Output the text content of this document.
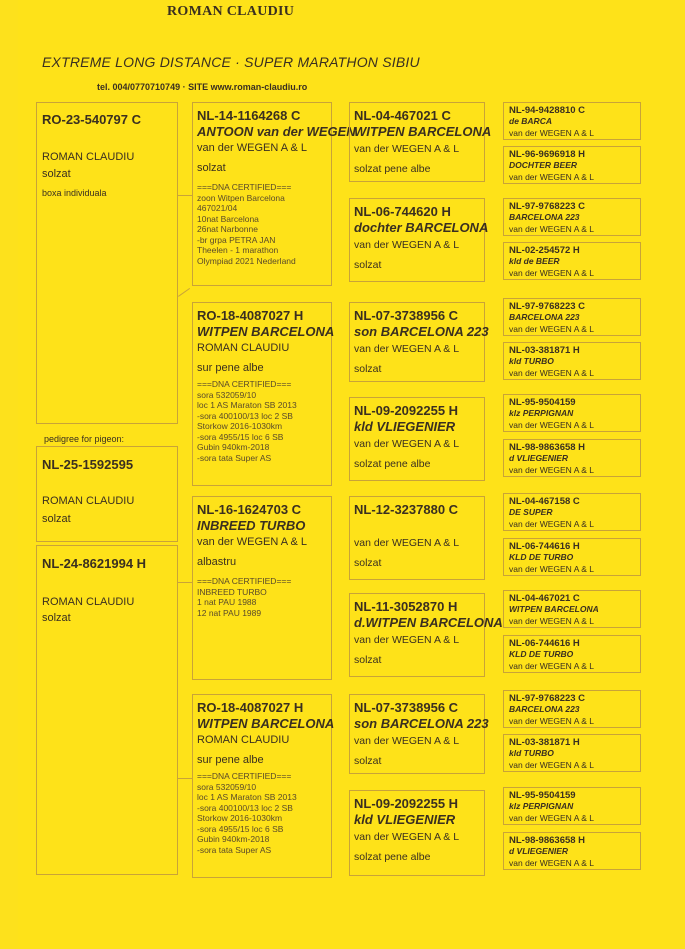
ROMAN CLAUDIU
EXTREME LONG DISTANCE · SUPER MARATHON SIBIU
tel. 004/0770710749 · SITE www.roman-claudiu.ro
RO-23-540797 C
ROMAN CLAUDIU
solzat
boxa individuala
pedigree for pigeon:
NL-25-1592595
ROMAN CLAUDIU
solzat
NL-24-8621994 H
ROMAN CLAUDIU
solzat
NL-14-1164268 C
ANTOON van der WEGEN
van der WEGEN A & L
solzat
===DNA CERTIFIED===
zoon Witpen Barcelona
467021/04
10nat Barcelona
26nat Narbonne
-br grpa PETRA JAN
Theelen - 1 marathon
Olympiad 2021 Nederland
RO-18-4087027 H
WITPEN BARCELONA
ROMAN CLAUDIU
sur pene albe
===DNA CERTIFIED===
sora 532059/10
loc 1 AS Maraton SB 2013
-sora 400100/13 loc 2 SB
Storkow 2016-1030km
-sora 4955/15 loc 6 SB
Gubin 940km-2018
-sora tata Super AS
NL-16-1624703 C
INBREED TURBO
van der WEGEN A & L
albastru
===DNA CERTIFIED===
INBREED TURBO
1 nat PAU 1988
12 nat PAU 1989
RO-18-4087027 H
WITPEN BARCELONA
ROMAN CLAUDIU
sur pene albe
===DNA CERTIFIED===
sora 532059/10
loc 1 AS Maraton SB 2013
-sora 400100/13 loc 2 SB
Storkow 2016-1030km
-sora 4955/15 loc 6 SB
Gubin 940km-2018
-sora tata Super AS
NL-04-467021 C
WITPEN BARCELONA
van der WEGEN A & L
solzat pene albe
NL-06-744620 H
dochter BARCELONA
van der WEGEN A & L
solzat
NL-07-3738956 C
son BARCELONA 223
van der WEGEN A & L
solzat
NL-09-2092255 H
kld VLIEGENIER
van der WEGEN A & L
solzat pene albe
NL-12-3237880 C
van der WEGEN A & L
solzat
NL-11-3052870 H
d.WITPEN BARCELONA
van der WEGEN A & L
solzat
NL-07-3738956 C
son BARCELONA 223
van der WEGEN A & L
solzat
NL-09-2092255 H
kld VLIEGENIER
van der WEGEN A & L
solzat pene albe
NL-94-9428810 C
de BARCA
van der WEGEN A & L
NL-96-9696918 H
DOCHTER BEER
van der WEGEN A & L
NL-97-9768223 C
BARCELONA 223
van der WEGEN A & L
NL-02-254572 H
kld de BEER
van der WEGEN A & L
NL-97-9768223 C
BARCELONA 223
van der WEGEN A & L
NL-03-381871 H
kld TURBO
van der WEGEN A & L
NL-95-9504159
klz PERPIGNAN
van der WEGEN A & L
NL-98-9863658 H
d VLIEGENIER
van der WEGEN A & L
NL-04-467158 C
DE SUPER
van der WEGEN A & L
NL-06-744616 H
KLD DE TURBO
van der WEGEN A & L
NL-04-467021 C
WITPEN BARCELONA
van der WEGEN A & L
NL-06-744616 H
KLD DE TURBO
van der WEGEN A & L
NL-97-9768223 C
BARCELONA 223
van der WEGEN A & L
NL-03-381871 H
kld TURBO
van der WEGEN A & L
NL-95-9504159
klz PERPIGNAN
van der WEGEN A & L
NL-98-9863658 H
d VLIEGENIER
van der WEGEN A & L
